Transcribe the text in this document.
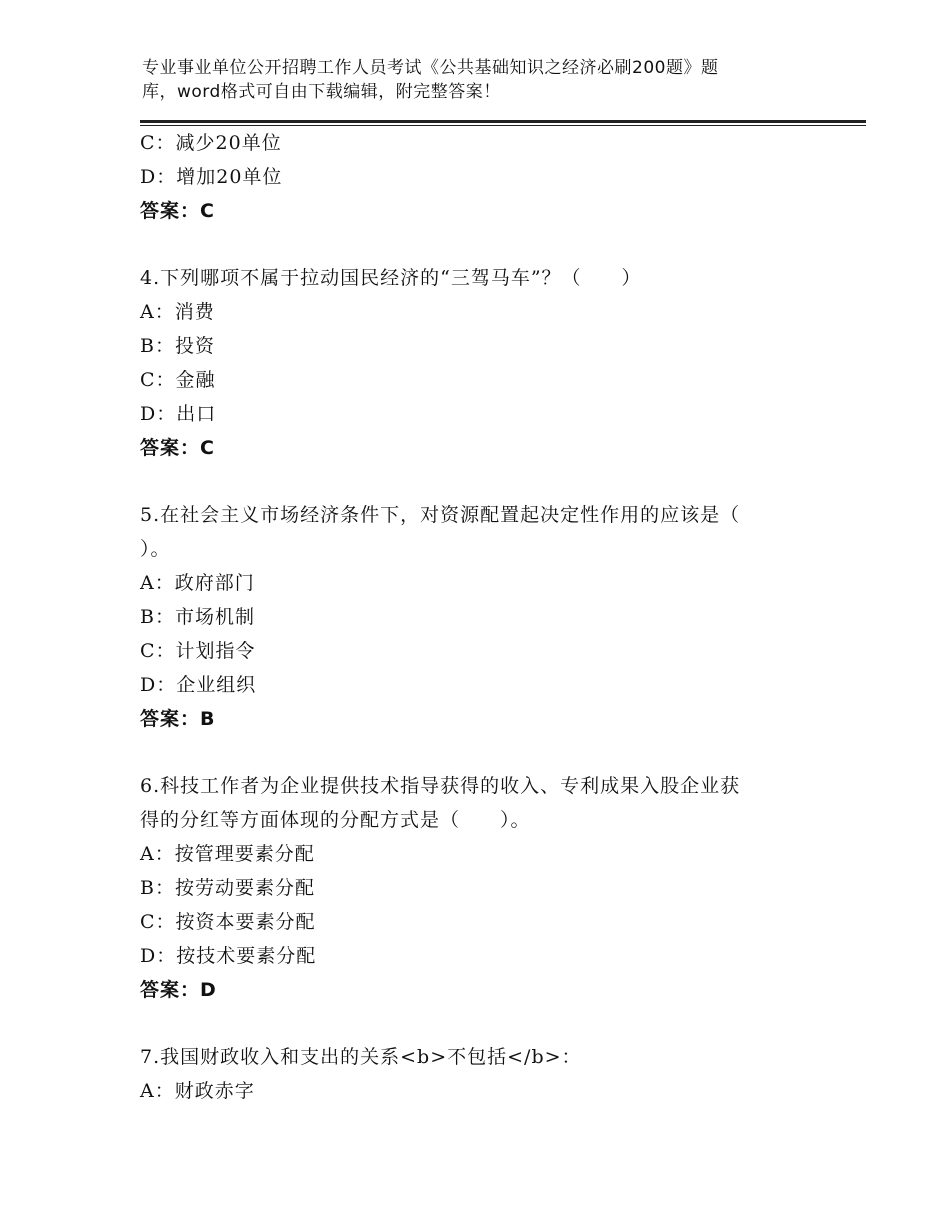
专业事业单位公开招聘工作人员考试《公共基础知识之经济必刷200题》题
库，word格式可自由下载编辑，附完整答案！
C：减少20单位
D：增加20单位
答案：C
4.下列哪项不属于拉动国民经济的“三驾马车”？（　　）
A：消费
B：投资
C：金融
D：出口
答案：C
5.在社会主义市场经济条件下，对资源配置起决定性作用的应该是（
）。
A：政府部门
B：市场机制
C：计划指令
D：企业组织
答案：B
6.科技工作者为企业提供技术指导获得的收入、专利成果入股企业获
得的分红等方面体现的分配方式是（　　）。
A：按管理要素分配
B：按劳动要素分配
C：按资本要素分配
D：按技术要素分配
答案：D
7.我国财政收入和支出的关系<b>不包括</b>：
A：财政赤字
